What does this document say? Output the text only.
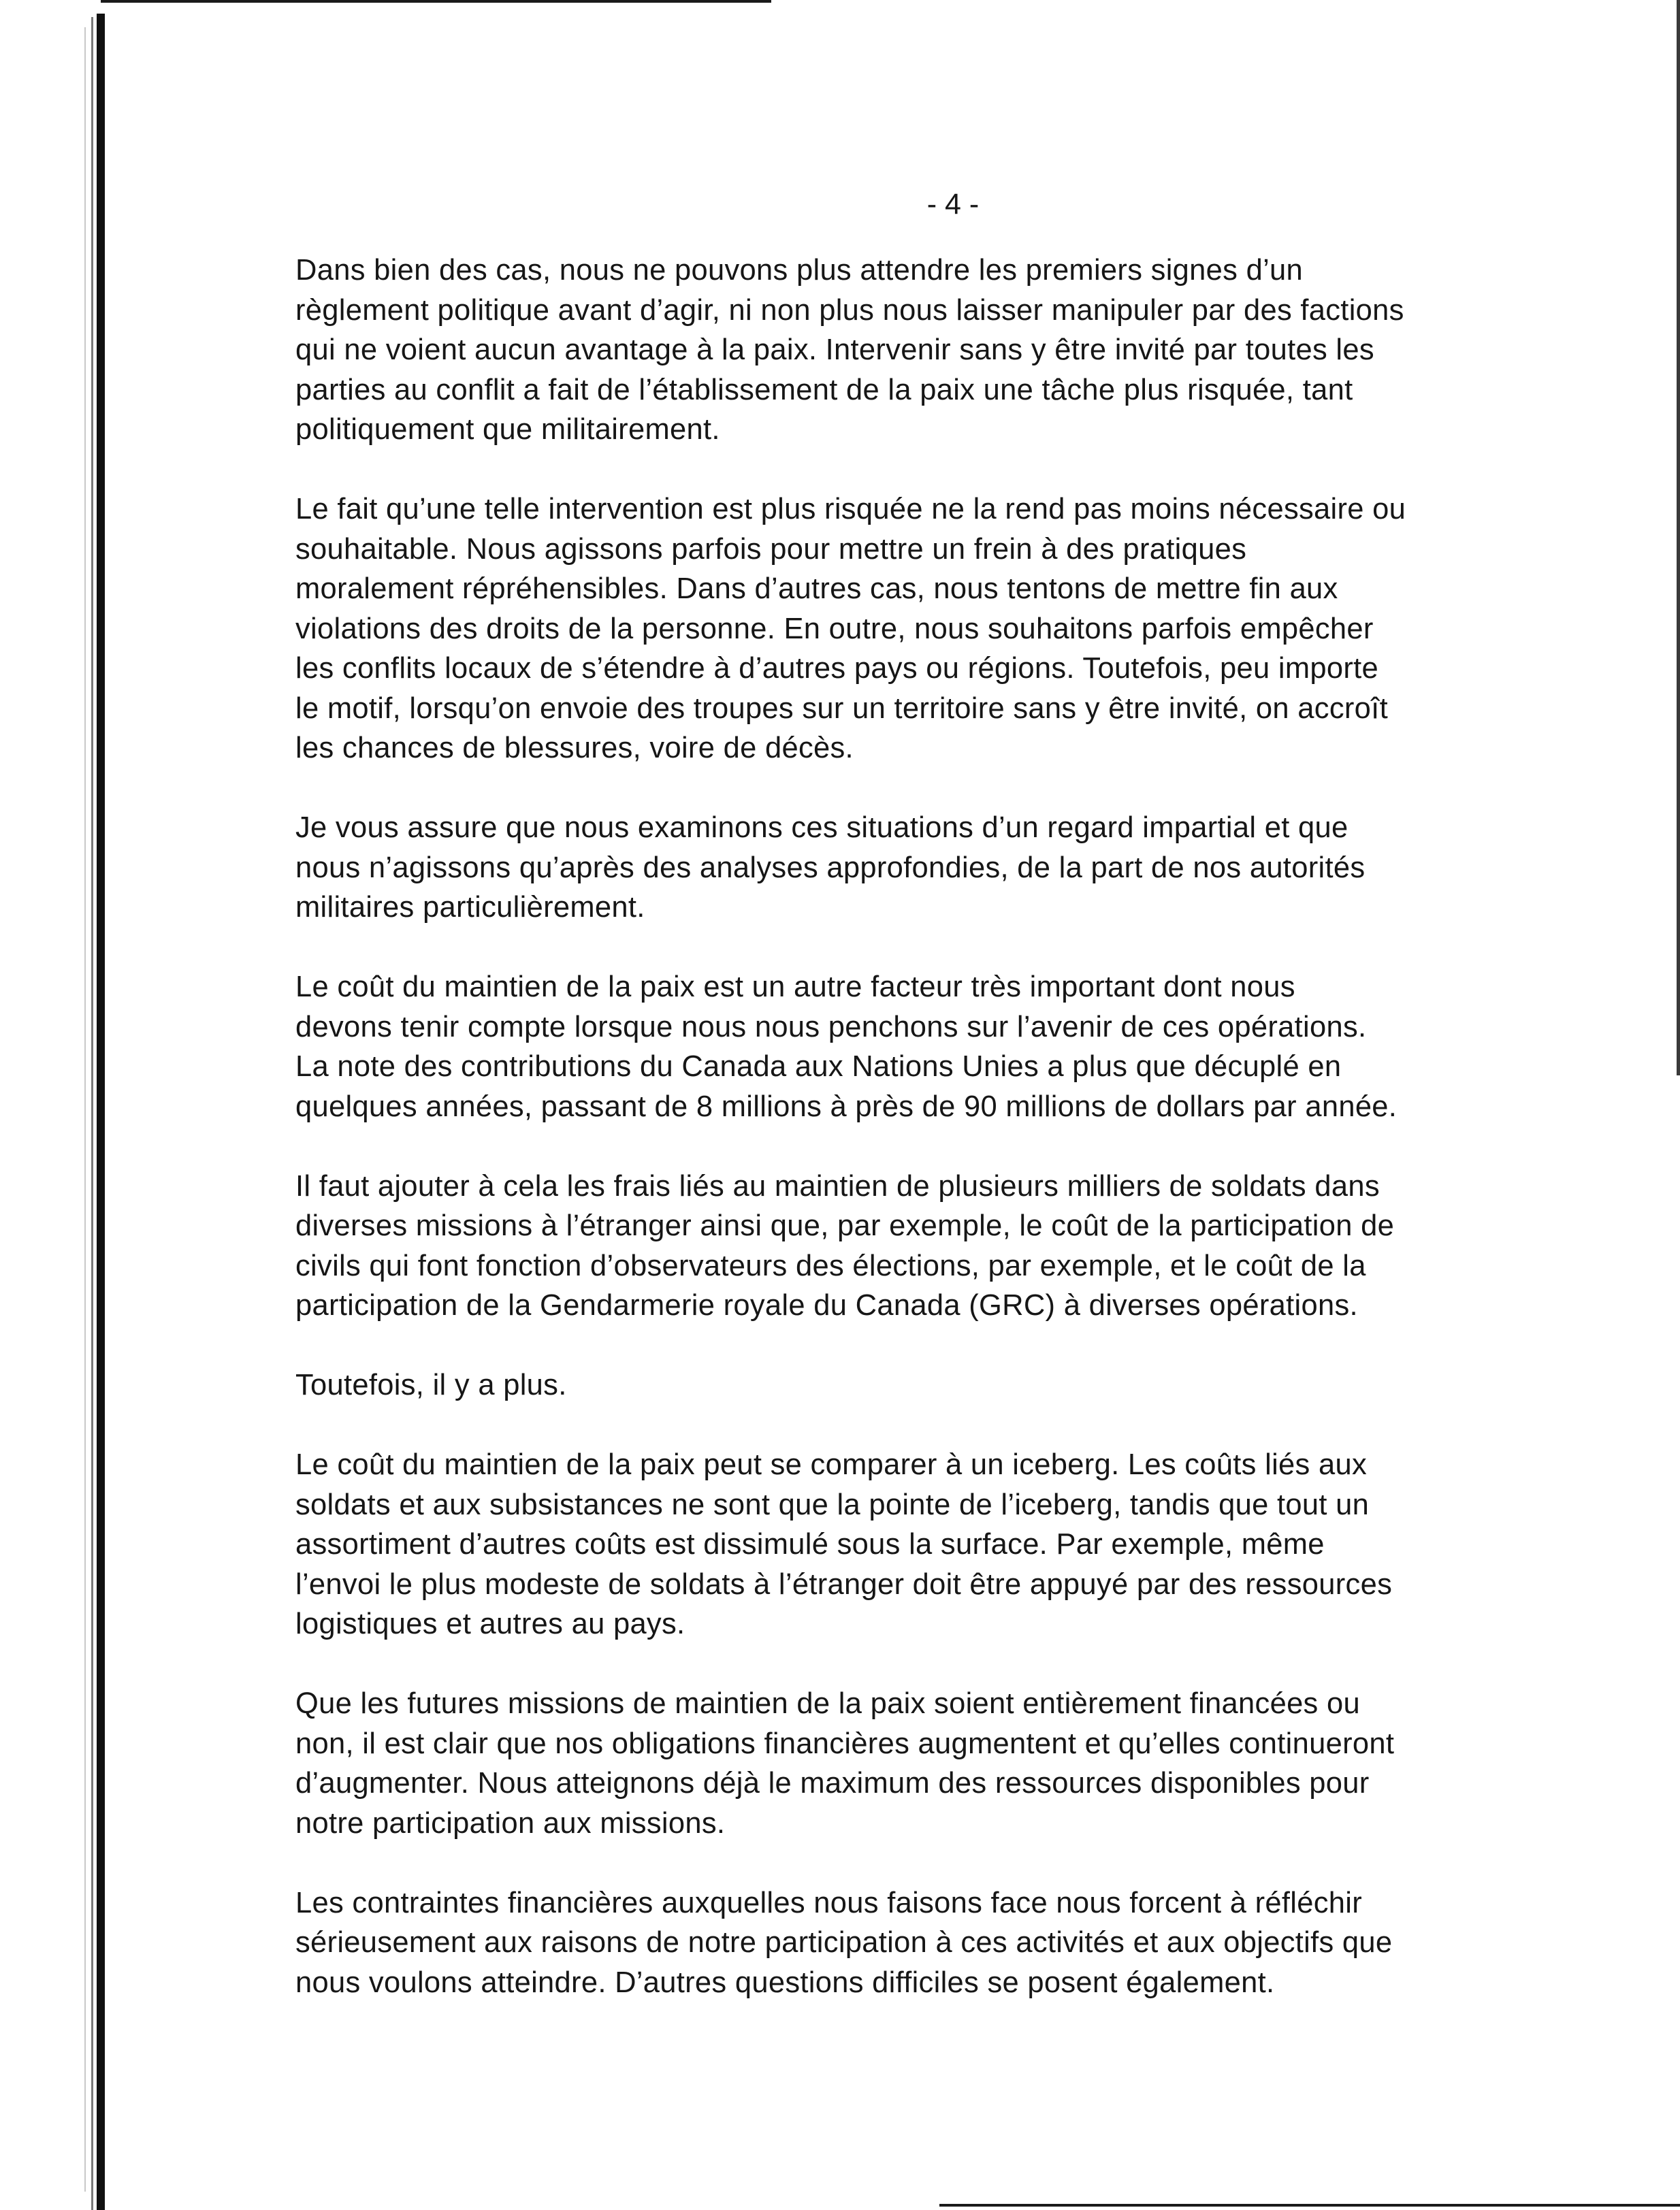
- 4 -
Dans bien des cas, nous ne pouvons plus attendre les premiers signes d’un
règlement politique avant d’agir, ni non plus nous laisser manipuler par des factions
qui ne voient aucun avantage à la paix. Intervenir sans y être invité par toutes les
parties au conflit a fait de l’établissement de la paix une tâche plus risquée, tant
politiquement que militairement.
Le fait qu’une telle intervention est plus risquée ne la rend pas moins nécessaire ou
souhaitable. Nous agissons parfois pour mettre un frein à des pratiques
moralement répréhensibles. Dans d’autres cas, nous tentons de mettre fin aux
violations des droits de la personne. En outre, nous souhaitons parfois empêcher
les conflits locaux de s’étendre à d’autres pays ou régions. Toutefois, peu importe
le motif, lorsqu’on envoie des troupes sur un territoire sans y être invité, on accroît
les chances de blessures, voire de décès.
Je vous assure que nous examinons ces situations d’un regard impartial et que
nous n’agissons qu’après des analyses approfondies, de la part de nos autorités
militaires particulièrement.
Le coût du maintien de la paix est un autre facteur très important dont nous
devons tenir compte lorsque nous nous penchons sur l’avenir de ces opérations.
La note des contributions du Canada aux Nations Unies a plus que décuplé en
quelques années, passant de 8 millions à près de 90 millions de dollars par année.
Il faut ajouter à cela les frais liés au maintien de plusieurs milliers de soldats dans
diverses missions à l’étranger ainsi que, par exemple, le coût de la participation de
civils qui font fonction d’observateurs des élections, par exemple, et le coût de la
participation de la Gendarmerie royale du Canada (GRC) à diverses opérations.
Toutefois, il y a plus.
Le coût du maintien de la paix peut se comparer à un iceberg. Les coûts liés aux
soldats et aux subsistances ne sont que la pointe de l’iceberg, tandis que tout un
assortiment d’autres coûts est dissimulé sous la surface. Par exemple, même
l’envoi le plus modeste de soldats à l’étranger doit être appuyé par des ressources
logistiques et autres au pays.
Que les futures missions de maintien de la paix soient entièrement financées ou
non, il est clair que nos obligations financières augmentent et qu’elles continueront
d’augmenter. Nous atteignons déjà le maximum des ressources disponibles pour
notre participation aux missions.
Les contraintes financières auxquelles nous faisons face nous forcent à réfléchir
sérieusement aux raisons de notre participation à ces activités et aux objectifs que
nous voulons atteindre. D’autres questions difficiles se posent également.
